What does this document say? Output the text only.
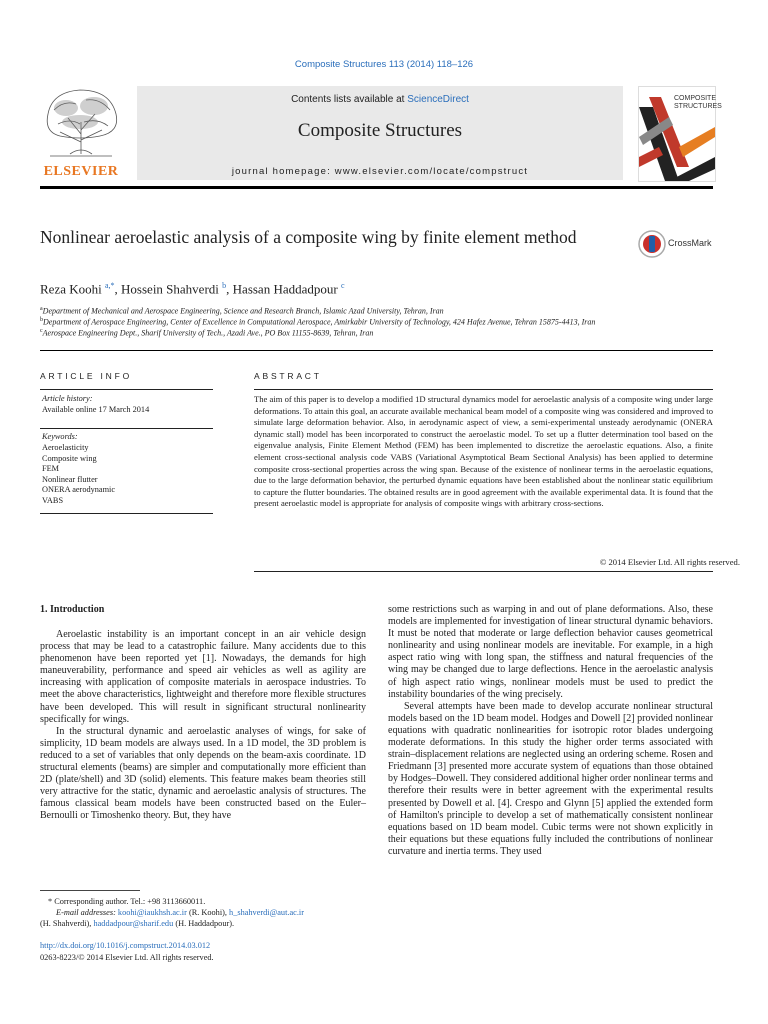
Composite Structures 113 (2014) 118–126
ELSEVIER
Contents lists available at ScienceDirect
Composite Structures
journal homepage: www.elsevier.com/locate/compstruct
COMPOSITE
STRUCTURES
Nonlinear aeroelastic analysis of a composite wing by finite element method	CrossMark
Reza Koohi $^{a,*}$, Hossein Shahverdi $^b$, Hassan Haddadpour $^c$
$^a$Department of Mechanical and Aerospace Engineering, Science and Research Branch, Islamic Azad University, Tehran, Iran
$^b$Department of Aerospace Engineering, Center of Excellence in Computational Aerospace, Amirkabir University of Technology, 424 Hafez Avenue, Tehran 15875-4413, Iran
$^c$Aerospace Engineering Dept., Sharif University of Tech., Azadi Ave., PO Box 11155-8639, Tehran, Iran
ARTICLE INFO
Article history:
Available online 17 March 2014
Keywords:
Aeroelasticity
Composite wing
FEM
Nonlinear flutter
ONERA aerodynamic
VABS
ABSTRACT
The aim of this paper is to develop a modified 1D structural dynamics model for aeroelastic analysis of a composite wing under large deformations. To attain this goal, an accurate available mechanical beam model of a composite wing was considered and improved to simulate large deformation behavior. Also, in aerodynamic aspect of view, a semi-experimental unsteady aerodynamic (ONERA dynamic stall) model has been incorporated to construct the aeroelastic model. To set up a flutter determination tool based on the eigenvalue analysis, Finite Element Method (FEM) has been implemented to discretize the aeroelastic equations. Also, a finite element cross-sectional analysis code VABS (Variational Asymptotical Beam Sectional Analysis) has been applied to determine composite cross-sectional properties across the wing span. Because of the existence of nonlinear terms in the aeroelastic equations, due to the large deformation behavior, the perturbed dynamic equations have been established about the nonlinear static equilibrium to capture the flutter boundaries. The obtained results are in good agreement with the available experimental data. It is found that the present aeroelastic model is appropriate for analysis of composite wings with arbitrary cross-sections.
© 2014 Elsevier Ltd. All rights reserved.
1. Introduction

Aeroelastic instability is an important concept in an air vehicle design process that may be lead to a catastrophic failure. Many accidents due to this phenomenon have been reported yet [1]. Nowadays, the demands for high maneuverability, performance and speed air vehicles as well as agility are increasing with application of composite materials in aerospace industries. To meet the above characteristics, lightweight and therefore more flexible structures have been developed. This will result in significant structural nonlinearity specifically for wings.

In the structural dynamic and aeroelastic analyses of wings, for sake of simplicity, 1D beam models are always used. In a 1D model, the 3D problem is reduced to a set of variables that only depends on the beam-axis coordinate. 1D structural elements (beams) are simpler and computationally more efficient than 2D (plate/shell) and 3D (solid) elements. This feature makes beam theories still very attractive for the static, dynamic and aeroelastic analysis of structures. The famous classical beam models have been constructed based on the Euler–Bernoulli or Timoshenko theory. But, they have

some restrictions such as warping in and out of plane deformations. Also, these models are implemented for investigation of linear structural dynamic behaviors. It must be noted that moderate or large deflection behavior causes geometrical nonlinearity and using nonlinear models are inevitable. For example, in a high aspect ratio wing with long span, the stiffness and natural frequencies of the wing may be changed due to large deflections. Hence in the aeroelastic analysis of high aspect ratio wings, nonlinear models must be used to predict the instability boundaries of the wing precisely.

Several attempts have been made to develop accurate nonlinear structural models based on the 1D beam model. Hodges and Dowell [2] provided nonlinear equations with quadratic nonlinearities for isotropic rotor blades undergoing moderate deformations. In this study the higher order terms associated with strain–displacement relations are neglected using an ordering scheme. Rosen and Friedmann [3] presented more accurate system of equations than those obtained by Hodges–Dowell. They considered additional higher order nonlinear terms and therefore their results were in better agreement with the experimental results presented by Dowell et al. [4]. Crespo and Glynn [5] applied the extended form of Hamilton's principle to develop a set of mathematically consistent nonlinear equations based on 1D beam model. Cubic terms were not shown explicitly in their equations but these equations fully included the contributions of nonlinear curvature and inertia terms. They used

* Corresponding author. Tel.: +98 3113660011.
E-mail addresses: koohi@iaukhsh.ac.ir (R. Koohi), h_shahverdi@aut.ac.ir
(H. Shahverdi), haddadpour@sharif.edu (H. Haddadpour).
http://dx.doi.org/10.1016/j.compstruct.2014.03.012
0263-8223/© 2014 Elsevier Ltd. All rights reserved.
